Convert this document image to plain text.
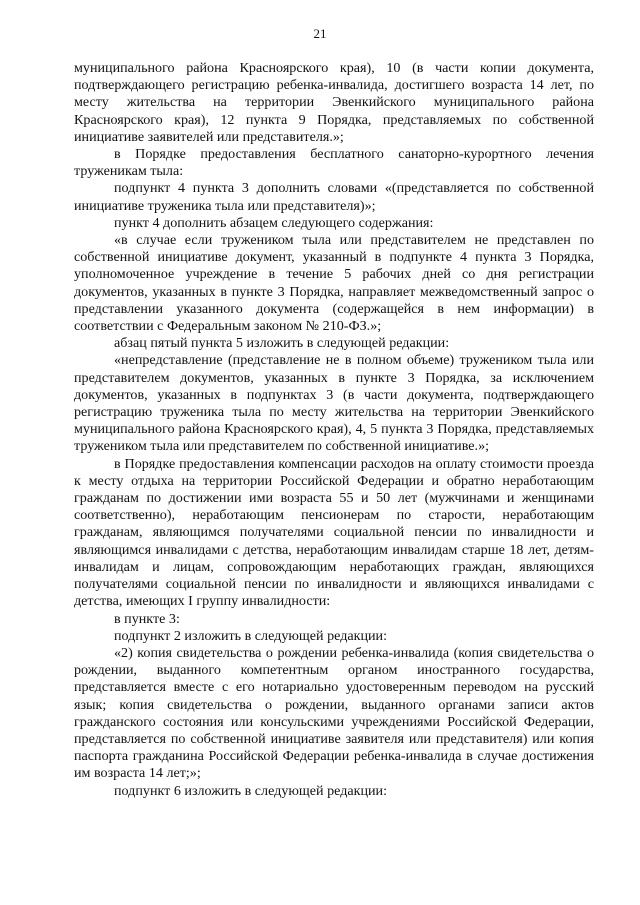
21

муниципального района Красноярского края), 10 (в части копии документа, подтверждающего регистрацию ребенка-инвалида, достигшего возраста 14 лет, по месту жительства на территории Эвенкийского муниципального района Красноярского края), 12 пункта 9 Порядка, представляемых по собственной инициативе заявителей или представителя.»;

в Порядке предоставления бесплатного санаторно-курортного лечения труженикам тыла:

подпункт 4 пункта 3 дополнить словами «(представляется по собственной инициативе труженика тыла или представителя)»;

пункт 4 дополнить абзацем следующего содержания:

«в случае если тружеником тыла или представителем не представлен по собственной инициативе документ, указанный в подпункте 4 пункта 3 Порядка, уполномоченное учреждение в течение 5 рабочих дней со дня регистрации документов, указанных в пункте 3 Порядка, направляет межведомственный запрос о представлении указанного документа (содержащейся в нем информации) в соответствии с Федеральным законом № 210-ФЗ.»;

абзац пятый пункта 5 изложить в следующей редакции:

«непредставление (представление не в полном объеме) тружеником тыла или представителем документов, указанных в пункте 3 Порядка, за исключением документов, указанных в подпунктах 3 (в части документа, подтверждающего регистрацию труженика тыла по месту жительства на территории Эвенкийского муниципального района Красноярского края), 4, 5 пункта 3 Порядка, представляемых тружеником тыла или представителем по собственной инициативе.»;

в Порядке предоставления компенсации расходов на оплату стоимости проезда к месту отдыха на территории Российской Федерации и обратно неработающим гражданам по достижении ими возраста 55 и 50 лет (мужчинами и женщинами соответственно), неработающим пенсионерам по старости, неработающим гражданам, являющимся получателями социальной пенсии по инвалидности и являющимся инвалидами с детства, неработающим инвалидам старше 18 лет, детям-инвалидам и лицам, сопровождающим неработающих граждан, являющихся получателями социальной пенсии по инвалидности и являющихся инвалидами с детства, имеющих I группу инвалидности:

в пункте 3:

подпункт 2 изложить в следующей редакции:

«2) копия свидетельства о рождении ребенка-инвалида (копия свидетельства о рождении, выданного компетентным органом иностранного государства, представляется вместе с его нотариально удостоверенным переводом на русский язык; копия свидетельства о рождении, выданного органами записи актов гражданского состояния или консульскими учреждениями Российской Федерации, представляется по собственной инициативе заявителя или представителя) или копия паспорта гражданина Российской Федерации ребенка-инвалида в случае достижения им возраста 14 лет;»;

подпункт 6 изложить в следующей редакции:
